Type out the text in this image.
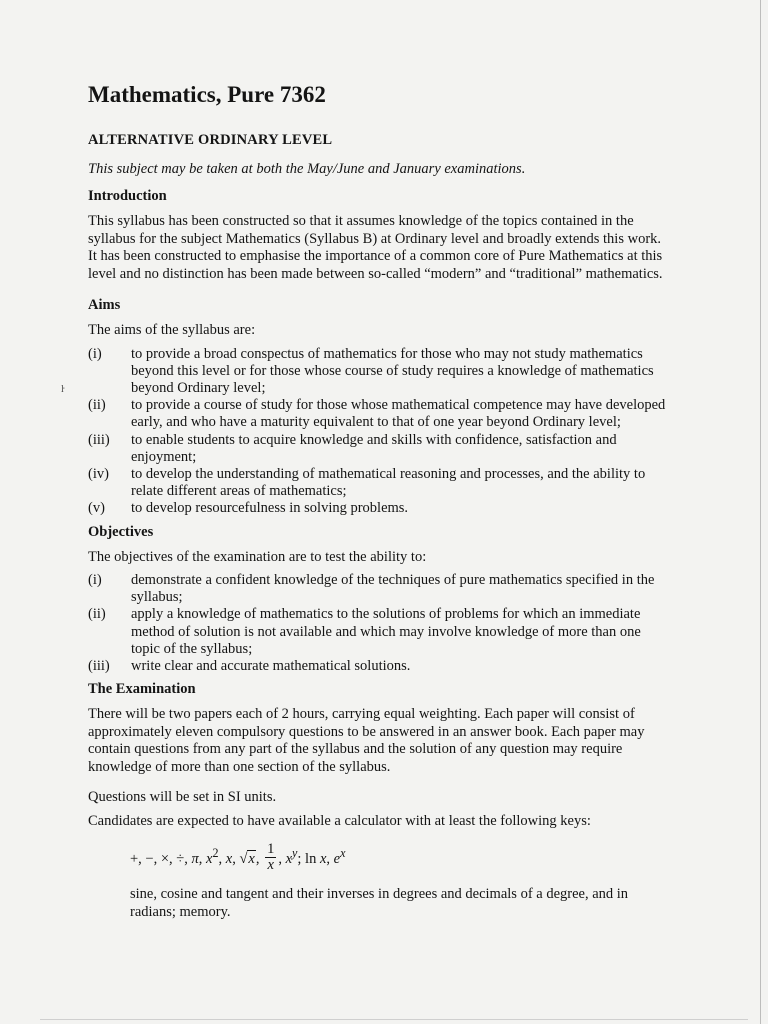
ŀ
Mathematics, Pure 7362
ALTERNATIVE ORDINARY LEVEL
This subject may be taken at both the May/June and January examinations.
Introduction

This syllabus has been constructed so that it assumes knowledge of the topics contained in the syllabus for the subject Mathematics (Syllabus B) at Ordinary level and broadly extends this work. It has been constructed to emphasise the importance of a common core of Pure Mathematics at this level and no distinction has been made between so-called “modern” and “traditional” mathematics.

Aims

The aims of the syllabus are:

(i) to provide a broad conspectus of mathematics for those who may not study mathematics beyond this level or for those whose course of study requires a knowledge of mathematics beyond Ordinary level;
(ii) to provide a course of study for those whose mathematical competence may have developed early, and who have a maturity equivalent to that of one year beyond Ordinary level;
(iii) to enable students to acquire knowledge and skills with confidence, satisfaction and enjoyment;
(iv) to develop the understanding of mathematical reasoning and processes, and the ability to relate different areas of mathematics;
(v) to develop resourcefulness in solving problems.
Objectives

The objectives of the examination are to test the ability to:

(i) demonstrate a confident knowledge of the techniques of pure mathematics specified in the syllabus;
(ii) apply a knowledge of mathematics to the solutions of problems for which an immediate method of solution is not available and which may involve knowledge of more than one topic of the syllabus;
(iii) write clear and accurate mathematical solutions.
The Examination

There will be two papers each of 2 hours, carrying equal weighting. Each paper will consist of approximately eleven compulsory questions to be answered in an answer book. Each paper may contain questions from any part of the syllabus and the solution of any question may require knowledge of more than one section of the syllabus.

Questions will be set in SI units.

Candidates are expected to have available a calculator with at least the following keys:

+, −, ×, ÷, π, $x^2$, x, √x, $\frac{1}{x}$ , $x^y$; ln x, $e^x$

sine, cosine and tangent and their inverses in degrees and decimals of a degree, and in radians; memory.
